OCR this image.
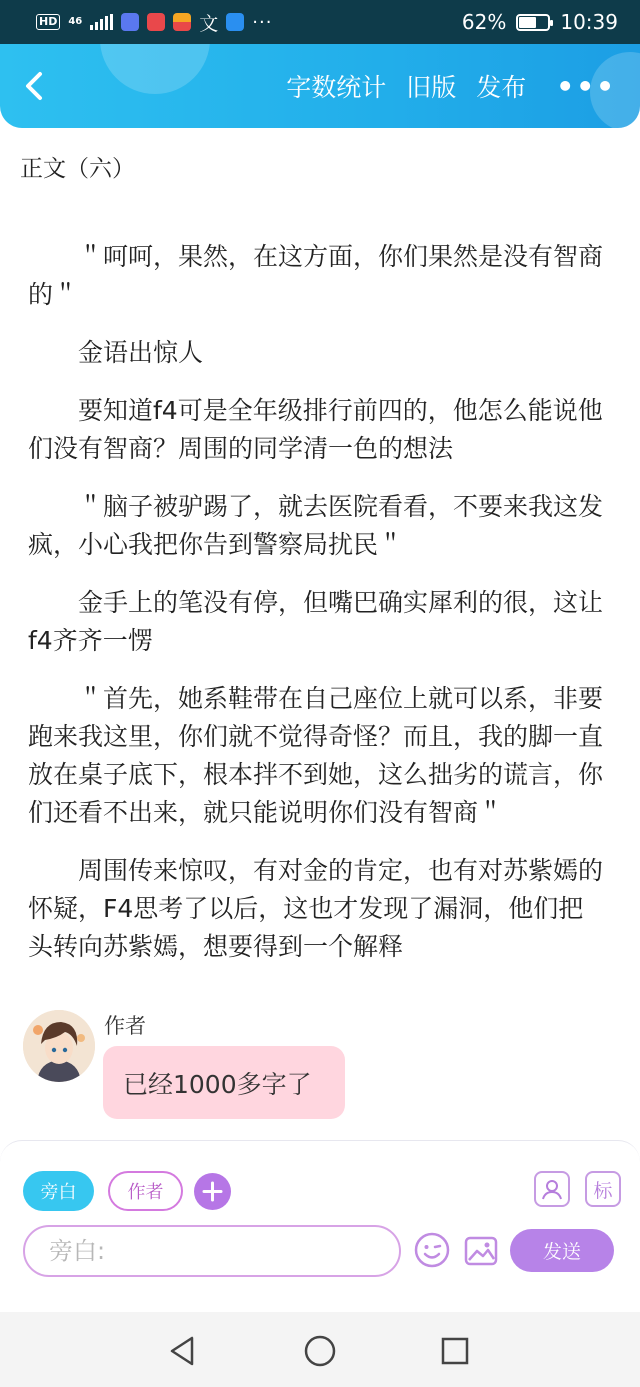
HD	46	文 ···	62%	10:39
字数统计 旧版 发布	•••
正文（六）

＂呵呵，果然，在这方面，你们果然是没有智商的＂

金语出惊人

要知道f4可是全年级排行前四的，他怎么能说他们没有智商？周围的同学清一色的想法

＂脑子被驴踢了，就去医院看看，不要来我这发疯，小心我把你告到警察局扰民＂

金手上的笔没有停，但嘴巴确实犀利的很，这让f4齐齐一愣

＂首先，她系鞋带在自己座位上就可以系，非要跑来我这里，你们就不觉得奇怪？而且，我的脚一直放在桌子底下，根本拌不到她，这么拙劣的谎言，你们还看不出来，就只能说明你们没有智商＂

周围传来惊叹，有对金的肯定，也有对苏紫嫣的怀疑，F4思考了以后，这也才发现了漏洞，他们把头转向苏紫嫣，想要得到一个解释

作者
已经1000多字了
旁白	作者	标
旁白:
发送
